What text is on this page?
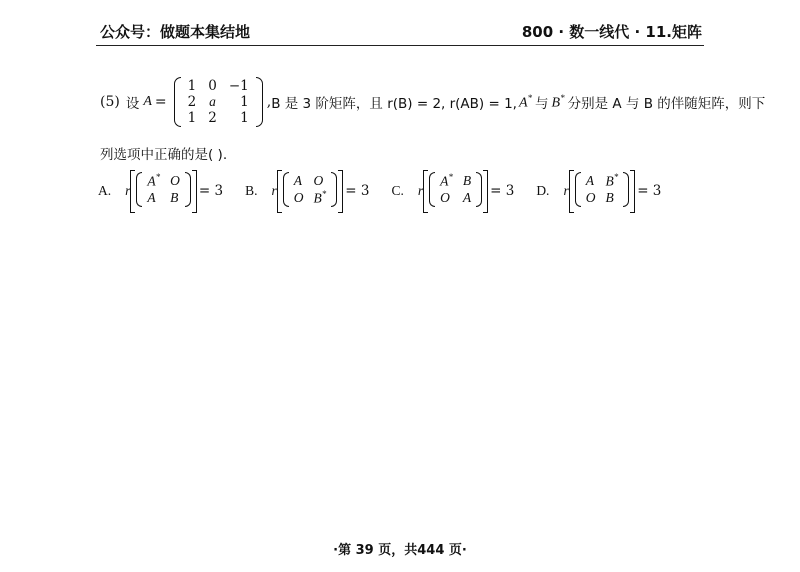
公众号：做题本集结地	800 · 数一线代 · 11.矩阵
(5) 设 A =
1	0	−1
2	a	1
1	2	1
, B 是 3 阶矩阵，且 r(B) = 2, r(AB) = 1, A* 与 B* 分别是 A 与 B 的伴随矩阵，则下
列选项中正确的是( ).
A. r
A*	O
A	B = 3 B. r
A	O
O	B* = 3 C. r
A*	B
O	A = 3 D. r
A	B*
O	B = 3
·第 39 页，共444 页·
